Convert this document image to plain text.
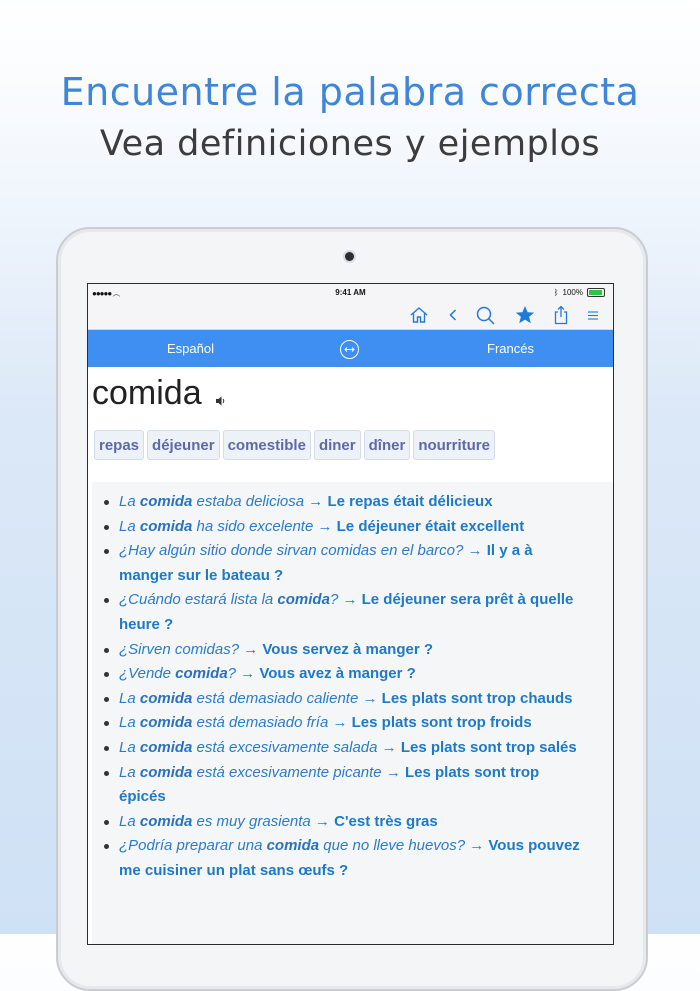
Encuentre la palabra correcta
Vea definiciones y ejemplos
●●●●● ︵	9:41 AM	ᛒ 100%
Español	Francés
comida
repas déjeuner comestible diner dîner nourriture
La comida estaba deliciosa → Le repas était délicieux
La comida ha sido excelente → Le déjeuner était excellent
¿Hay algún sitio donde sirvan comidas en el barco? → Il y a à manger sur le bateau ?
¿Cuándo estará lista la comida? → Le déjeuner sera prêt à quelle heure ?
¿Sirven comidas? → Vous servez à manger ?
¿Vende comida? → Vous avez à manger ?
La comida está demasiado caliente → Les plats sont trop chauds
La comida está demasiado fría → Les plats sont trop froids
La comida está excesivamente salada → Les plats sont trop salés
La comida está excesivamente picante → Les plats sont trop épicés
La comida es muy grasienta → C'est très gras
¿Podría preparar una comida que no lleve huevos? → Vous pouvez me cuisiner un plat sans œufs ?
